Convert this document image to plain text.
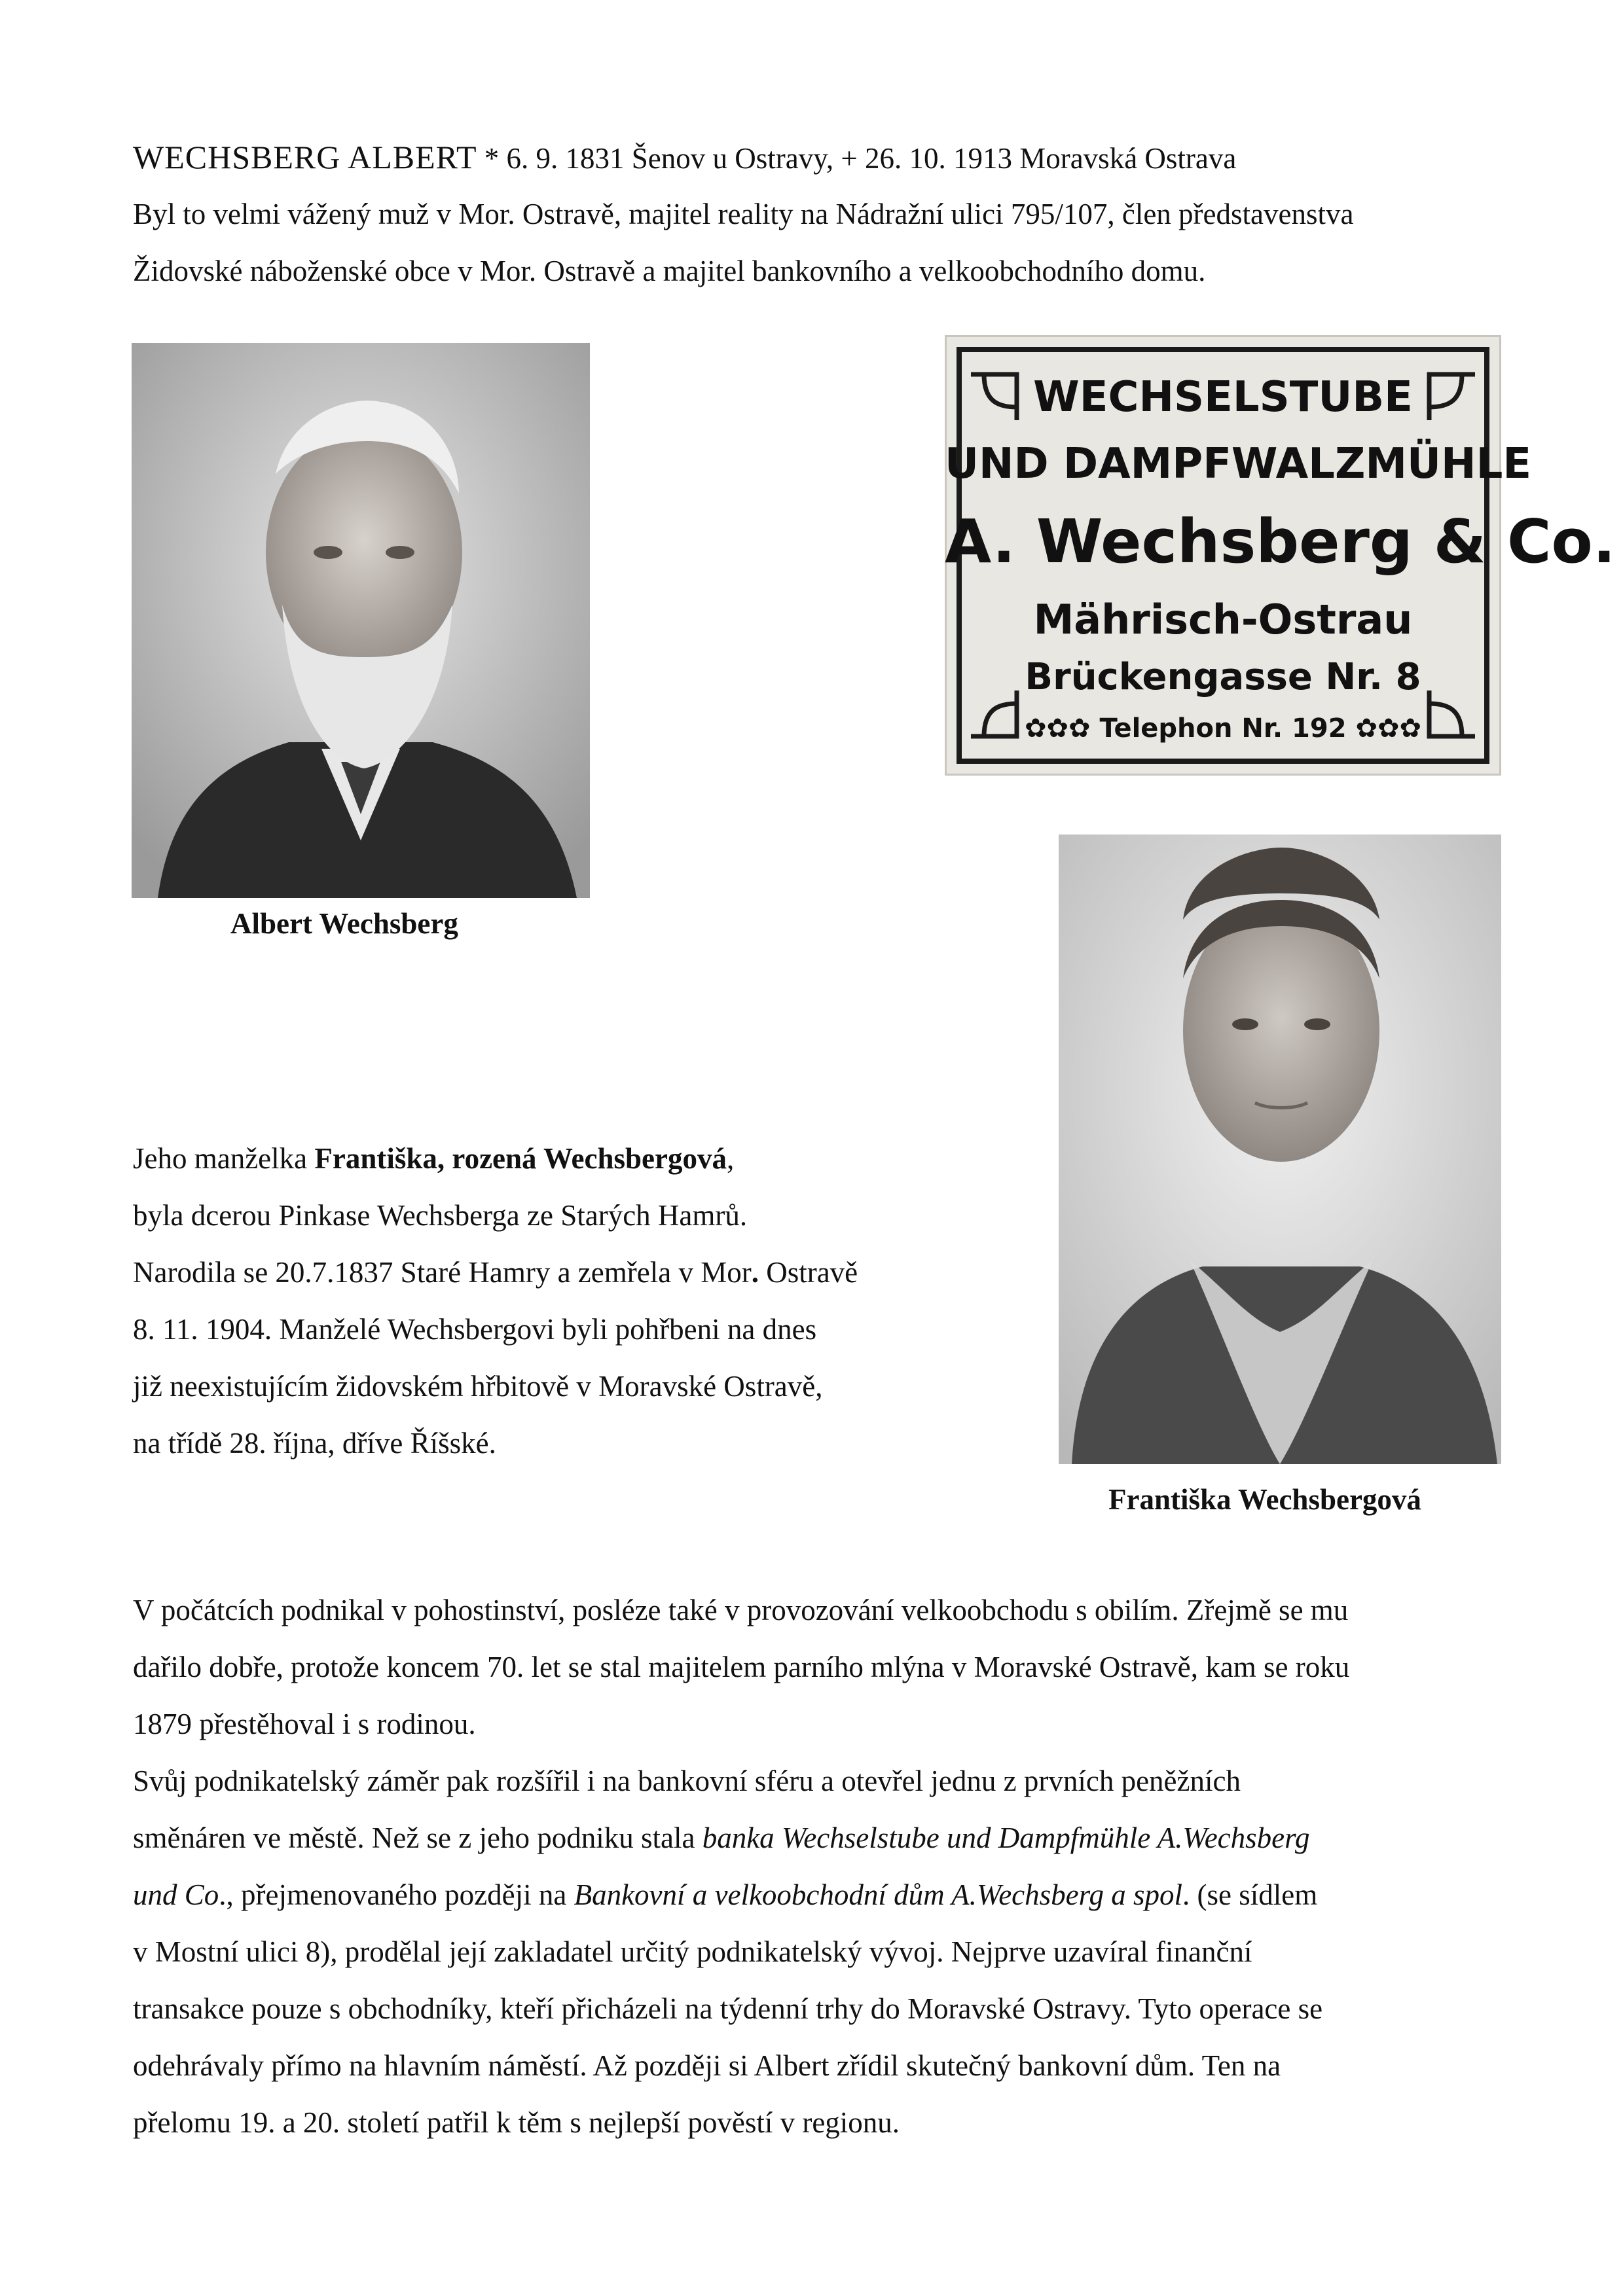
WECHSBERG ALBERT * 6. 9. 1831 Šenov u Ostravy, + 26. 10. 1913 Moravská Ostrava
Byl to velmi vážený muž v Mor. Ostravě, majitel reality na Nádražní ulici 795/107, člen představenstva
Židovské náboženské obce v Mor. Ostravě a majitel bankovního a velkoobchodního domu.
Albert Wechsberg
WECHSELSTUBE
UND DAMPFWALZMÜHLE
A. Wechsberg & Co.
Mährisch-Ostrau
Brückengasse Nr. 8
✿✿✿ Telephon Nr. 192 ✿✿✿
Františka Wechsbergová
Jeho manželka Františka, rozená Wechsbergová,
byla dcerou Pinkase Wechsberga ze Starých Hamrů.
Narodila se 20.7.1837 Staré Hamry a zemřela v Mor. Ostravě
8. 11. 1904. Manželé Wechsbergovi byli pohřbeni na dnes
již neexistujícím židovském hřbitově v Moravské Ostravě,
na třídě 28. října, dříve Říšské.
V počátcích podnikal v pohostinství, posléze také v provozování velkoobchodu s obilím. Zřejmě se mu
dařilo dobře, protože koncem 70. let se stal majitelem parního mlýna v Moravské Ostravě, kam se roku
1879 přestěhoval i s rodinou.
Svůj podnikatelský záměr pak rozšířil i na bankovní sféru a otevřel jednu z prvních peněžních
směnáren ve městě. Než se z jeho podniku stala banka Wechselstube und Dampfmühle A.Wechsberg
und Co., přejmenovaného později na Bankovní a velkoobchodní dům A.Wechsberg a spol. (se sídlem
v Mostní ulici 8), prodělal její zakladatel určitý podnikatelský vývoj. Nejprve uzavíral finanční
transakce pouze s obchodníky, kteří přicházeli na týdenní trhy do Moravské Ostravy. Tyto operace se
odehrávaly přímo na hlavním náměstí. Až později si Albert zřídil skutečný bankovní dům. Ten na
přelomu 19. a 20. století patřil k těm s nejlepší pověstí v regionu.
